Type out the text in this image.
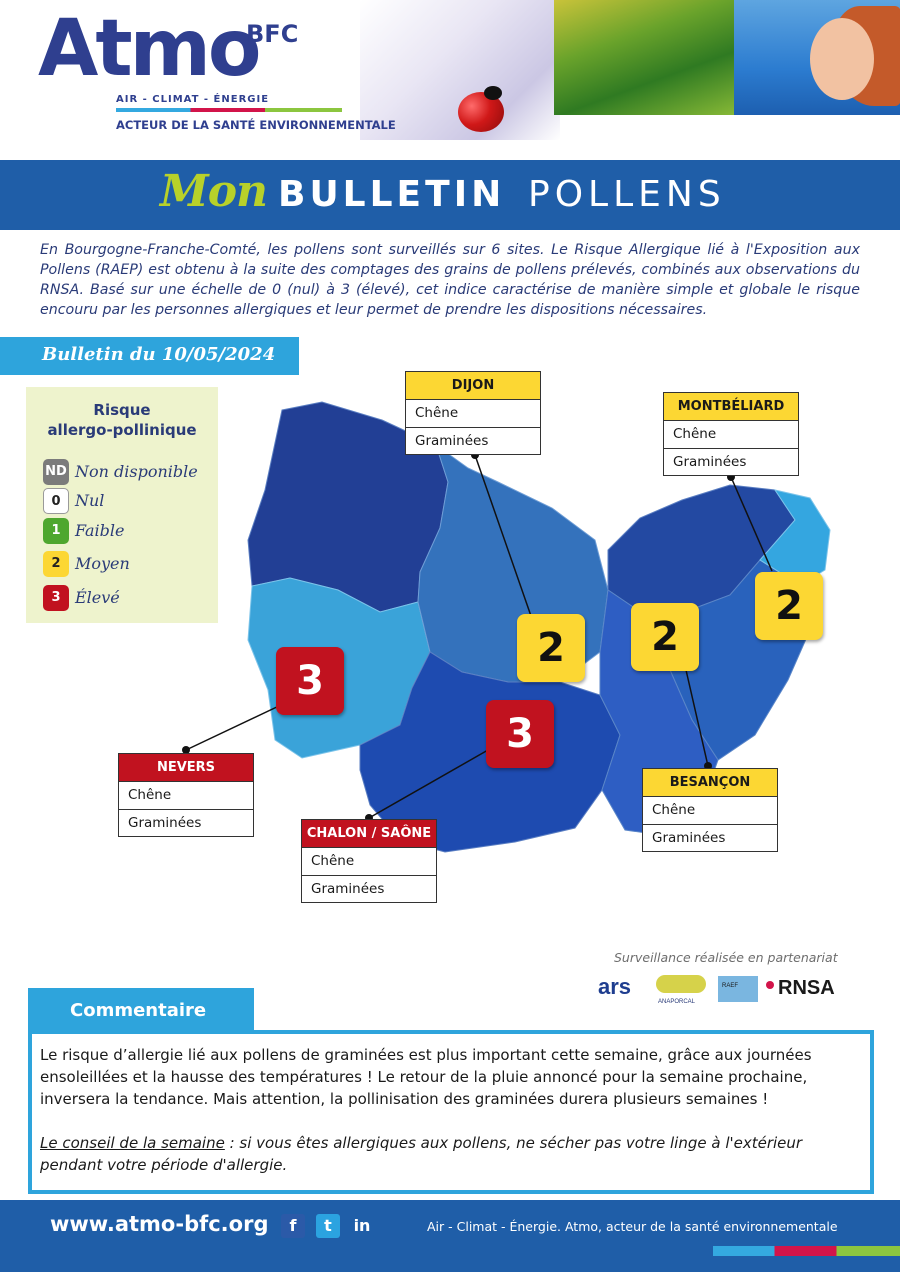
Atmo
BFC
AIR - CLIMAT - ÉNERGIE
ACTEUR DE LA SANTÉ ENVIRONNEMENTALE
Mon BULLETIN POLLENS

En Bourgogne-Franche-Comté, les pollens sont surveillés sur 6 sites. Le Risque Allergique lié à l'Exposition aux Pollens (RAEP) est obtenu à la suite des comptages des grains de pollens prélevés, combinés aux observations du RNSA. Basé sur une échelle de 0 (nul) à 3 (élevé), cet indice caractérise de manière simple et globale le risque encouru par les personnes allergiques et leur permet de prendre les dispositions nécessaires.

Bulletin du 10/05/2024
Risque
allergo-pollinique
ND Non disponible
0 Nul
1 Faible
2 Moyen
3 Élevé
2
2
2
3
3
DIJON
Chêne
Graminées
MONTBÉLIARD
Chêne
Graminées
BESANÇON
Chêne
Graminées
NEVERS
Chêne
Graminées
CHALON / SAÔNE
Chêne
Graminées
Surveillance réalisée en partenariat
ars
ANAPORCAL
RAEF RNSA
Commentaire

Le risque d’allergie lié aux pollens de graminées est plus important cette semaine, grâce aux journées ensoleillées et la hausse des températures ! Le retour de la pluie annoncé pour la semaine prochaine, inversera la tendance. Mais attention, la pollinisation des graminées durera plusieurs semaines !

Le conseil de la semaine : si vous êtes allergiques aux pollens, ne sécher pas votre linge à l'extérieur pendant votre période d'allergie.

www.atmo-bfc.org	f	t	in	Air - Climat - Énergie. Atmo, acteur de la santé environnementale
